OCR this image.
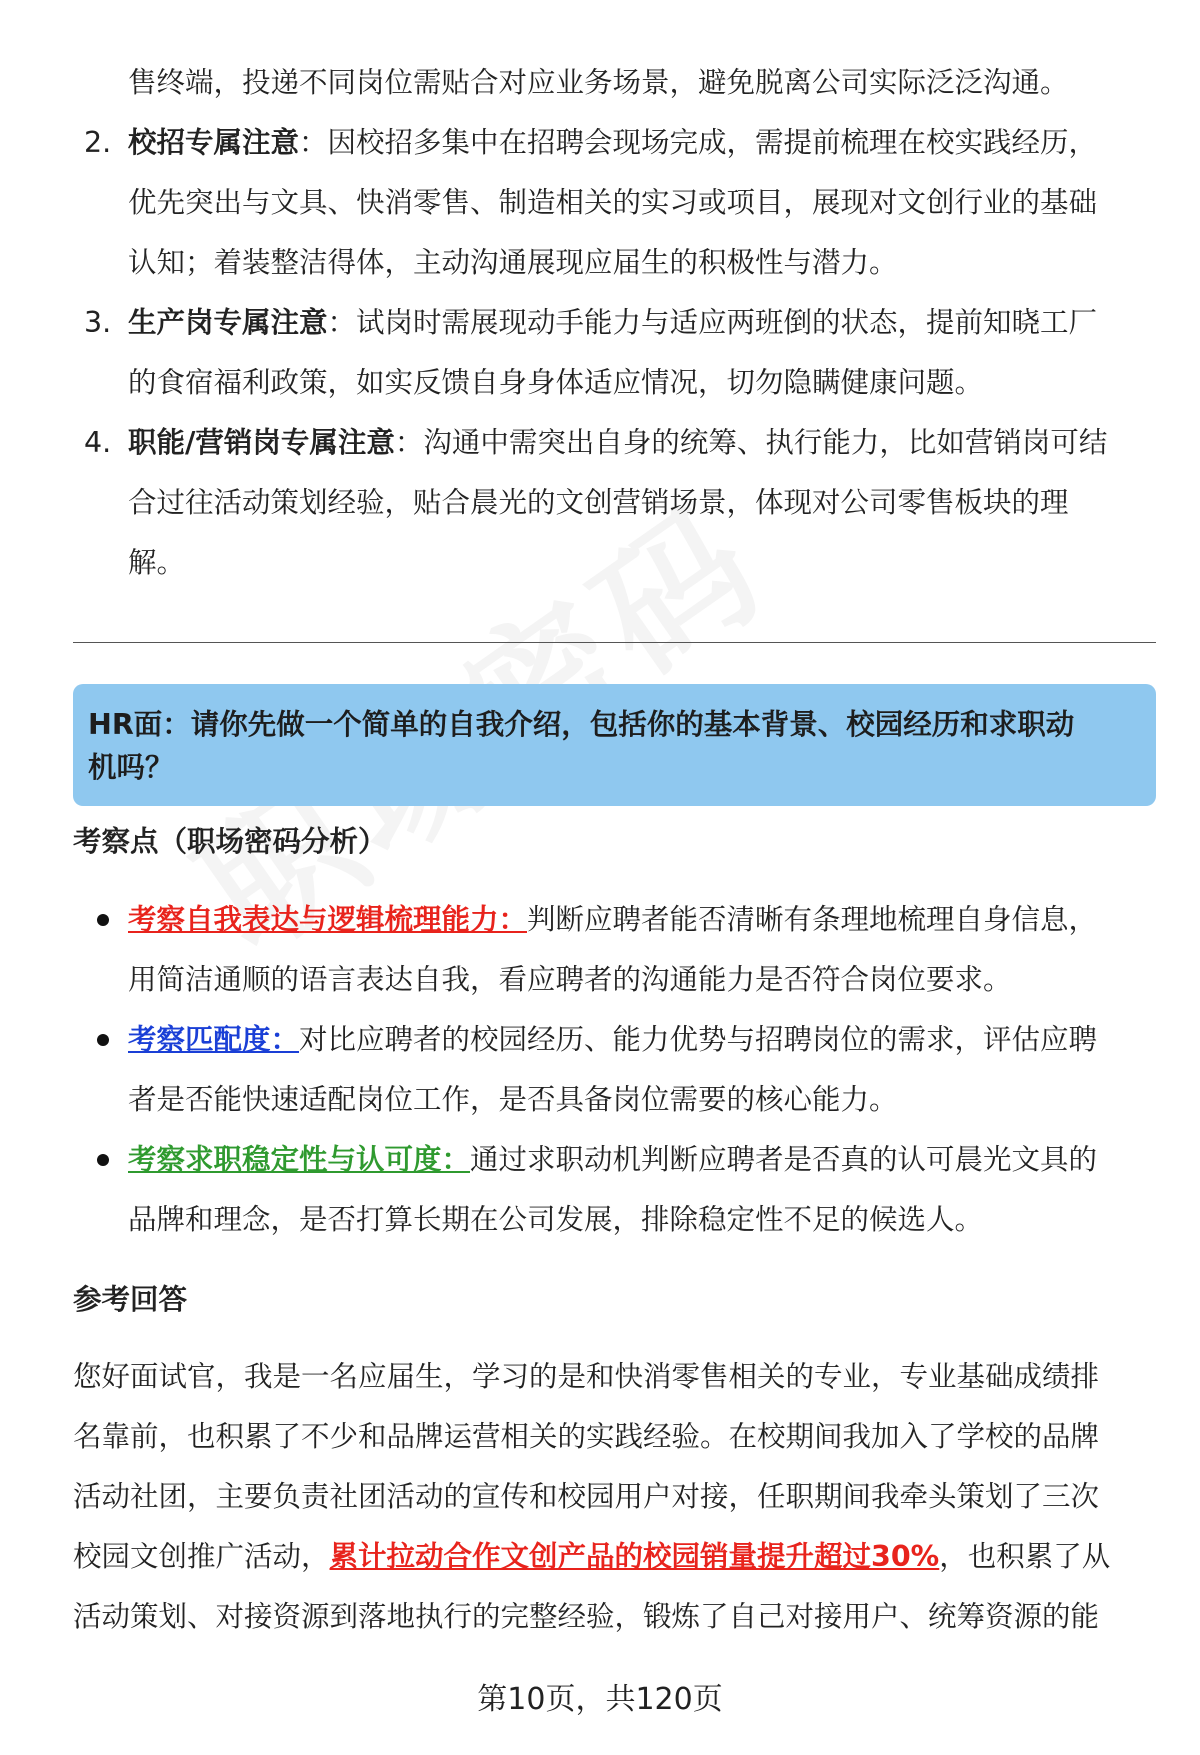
售终端，投递不同岗位需贴合对应业务场景，避免脱离公司实际泛泛沟通。
2. 校招专属注意：因校招多集中在招聘会现场完成，需提前梳理在校实践经历，
优先突出与文具、快消零售、制造相关的实习或项目，展现对文创行业的基础
认知；着装整洁得体，主动沟通展现应届生的积极性与潜力。
3. 生产岗专属注意：试岗时需展现动手能力与适应两班倒的状态，提前知晓工厂
的食宿福利政策，如实反馈自身身体适应情况，切勿隐瞒健康问题。
4. 职能/营销岗专属注意：沟通中需突出自身的统筹、执行能力，比如营销岗可结
合过往活动策划经验，贴合晨光的文创营销场景，体现对公司零售板块的理
解。
HR面：请你先做一个简单的自我介绍，包括你的基本背景、校园经历和求职动
机吗？
考察点（职场密码分析）
考察自我表达与逻辑梳理能力：判断应聘者能否清晰有条理地梳理自身信息，
用简洁通顺的语言表达自我，看应聘者的沟通能力是否符合岗位要求。
考察匹配度：对比应聘者的校园经历、能力优势与招聘岗位的需求，评估应聘
者是否能快速适配岗位工作，是否具备岗位需要的核心能力。
考察求职稳定性与认可度：通过求职动机判断应聘者是否真的认可晨光文具的
品牌和理念，是否打算长期在公司发展，排除稳定性不足的候选人。
参考回答
您好面试官，我是一名应届生，学习的是和快消零售相关的专业，专业基础成绩排
名靠前，也积累了不少和品牌运营相关的实践经验。在校期间我加入了学校的品牌
活动社团，主要负责社团活动的宣传和校园用户对接，任职期间我牵头策划了三次
校园文创推广活动，累计拉动合作文创产品的校园销量提升超过30%，也积累了从
活动策划、对接资源到落地执行的完整经验，锻炼了自己对接用户、统筹资源的能
第10页，共120页
